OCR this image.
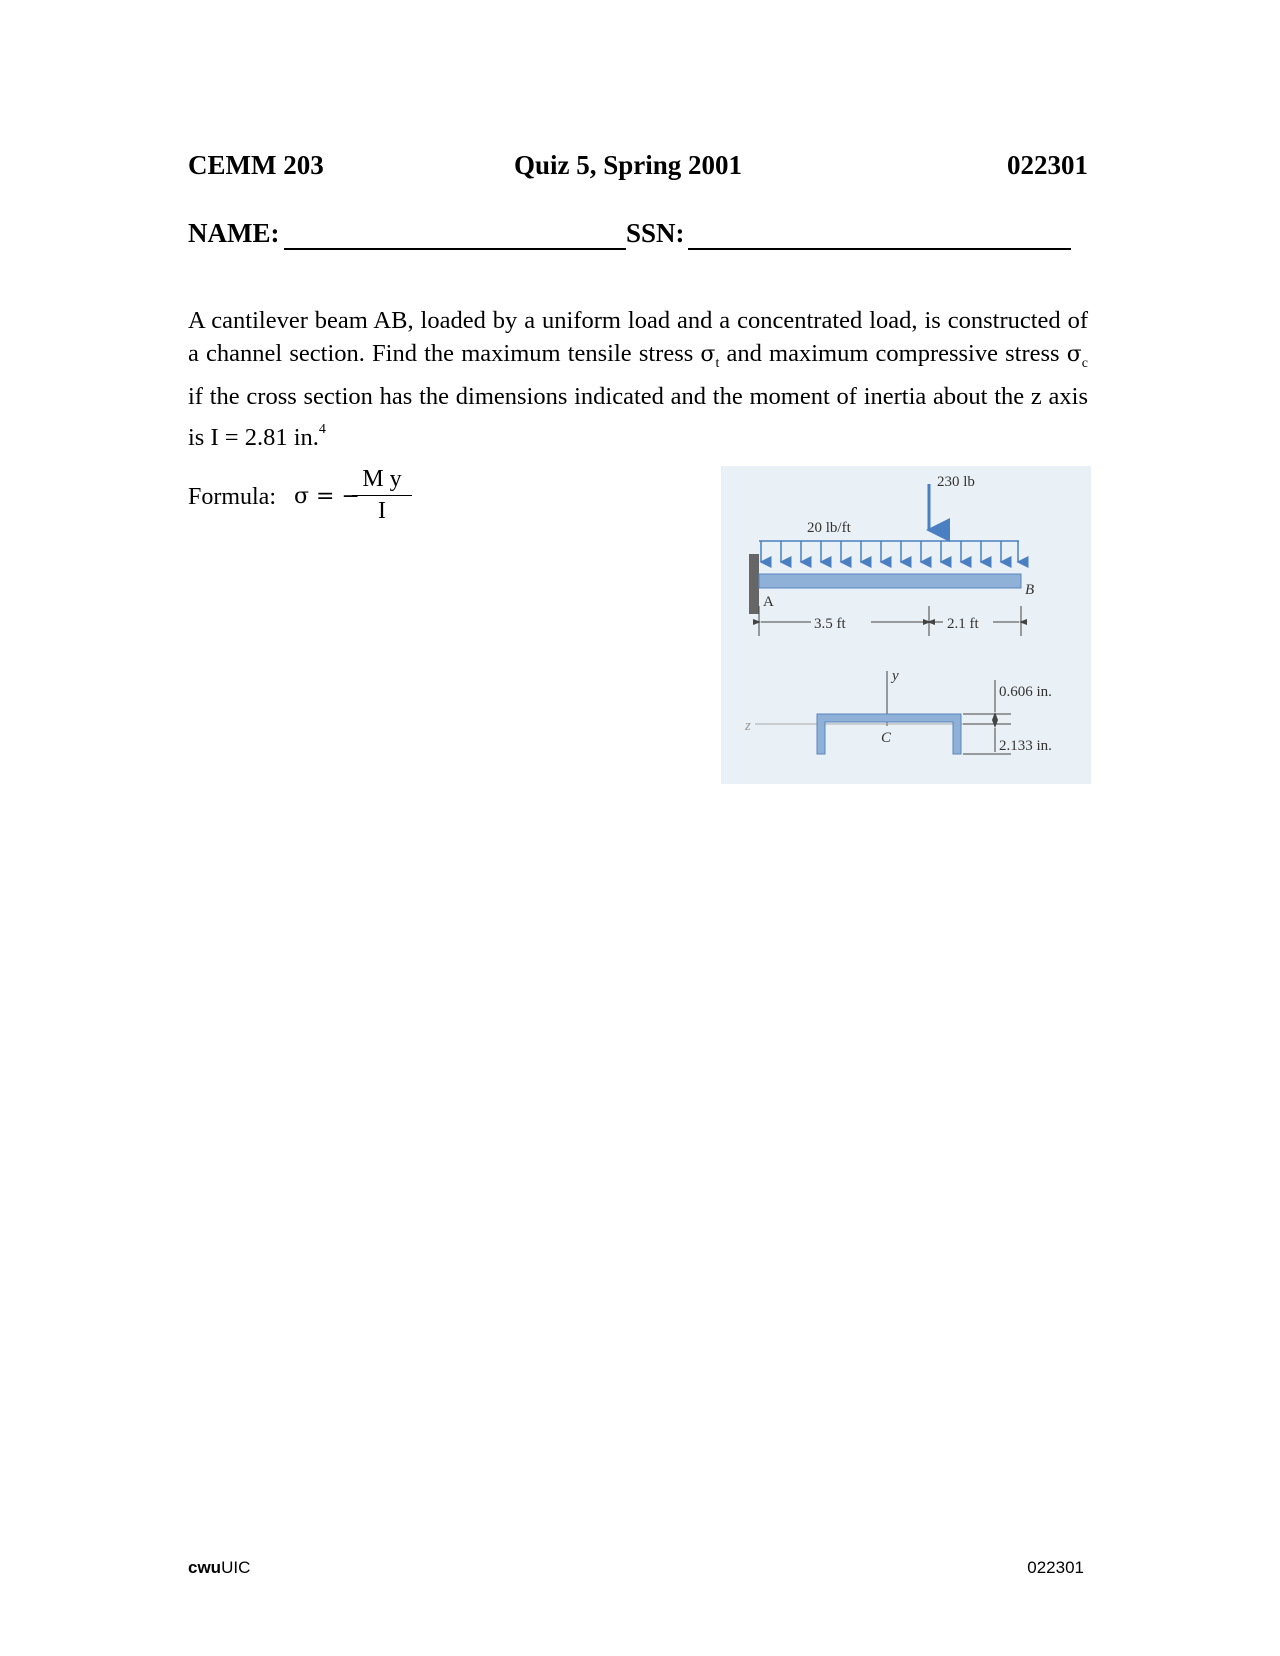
CEMM 203	Quiz 5, Spring 2001	022301
NAME:	SSN:

A cantilever beam AB, loaded by a uniform load and a concentrated load, is constructed of a channel section. Find the maximum tensile stress $\sigma_t$ and maximum compressive stress $\sigma_c$ if the cross section has the dimensions indicated and the moment of inertia about the z axis is I = 2.81 in.$^4$

Formula: σ = −
$\frac{\text{M y}}{I}$	230 lb
20 lb/ft
A
B
3.5 ft	2.1 ft
y
z
C
0.606 in.
2.133 in.
cwuUIC	022301
